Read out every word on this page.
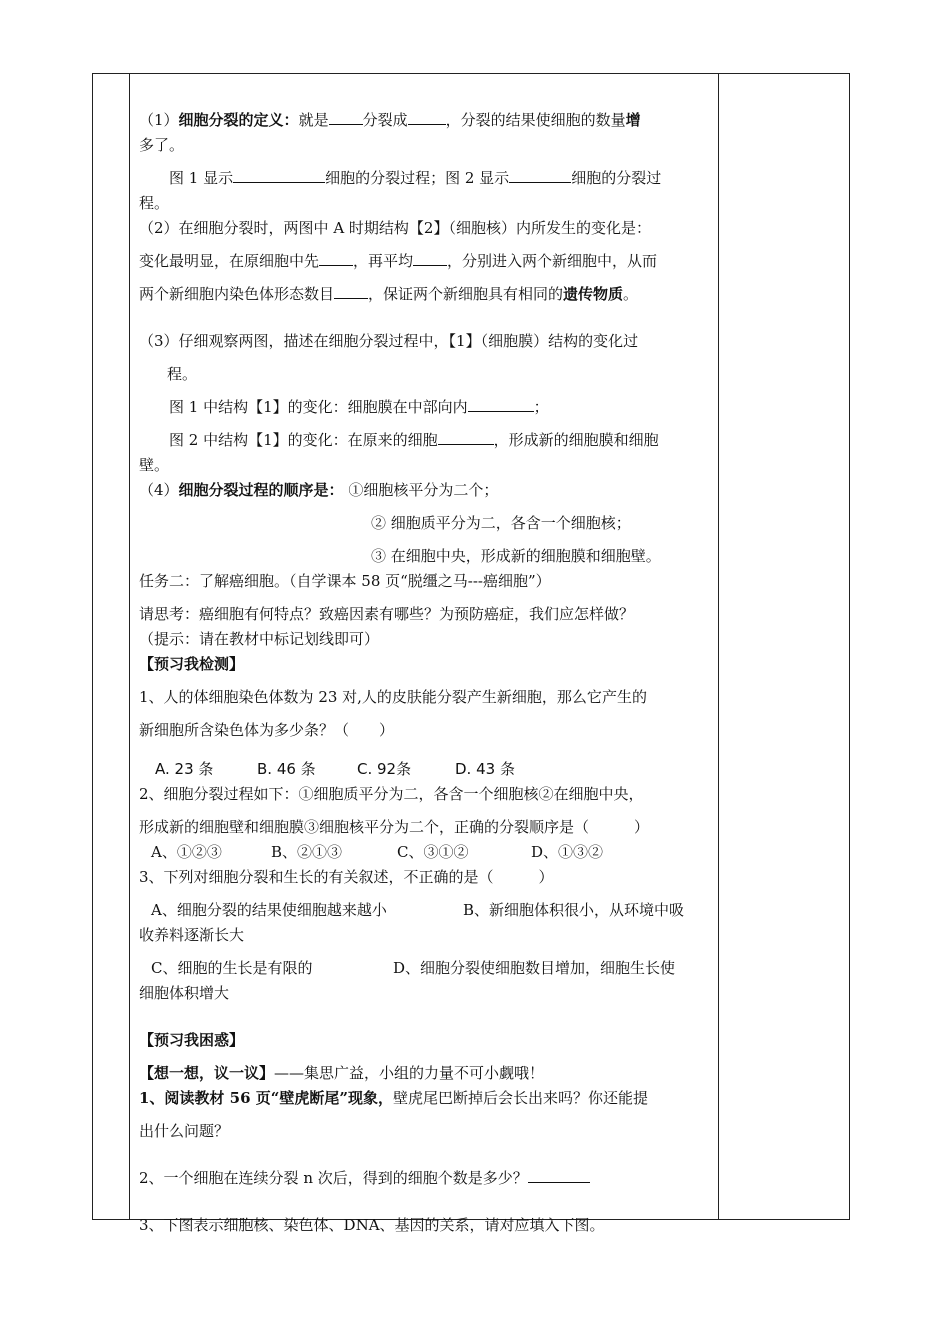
（1）细胞分裂的定义：就是 分裂成	，分裂的结果使细胞的数量增

多了。

图 1 显示	细胞的分裂过程；图 2 显示	细胞的分裂过

程。

（2）在细胞分裂时，两图中 A 时期结构【2】（细胞核）内所发生的变化是：

变化最明显，在原细胞中先 ，再平均 ，分别进入两个新细胞中，从而

两个新细胞内染色体形态数目 ，保证两个新细胞具有相同的遗传物质。

（3）仔细观察两图，描述在细胞分裂过程中，【1】（细胞膜）结构的变化过

程。

图 1 中结构【1】的变化：细胞膜在中部向内	；

图 2 中结构【1】的变化：在原来的细胞	，形成新的细胞膜和细胞

壁。

（4）细胞分裂过程的顺序是： ①细胞核平分为二个；

② 细胞质平分为二，各含一个细胞核；

③ 在细胞中央，形成新的细胞膜和细胞壁。

任务二：了解癌细胞。（自学课本 58 页“脱缰之马---癌细胞”）

请思考：癌细胞有何特点？致癌因素有哪些？为预防癌症，我们应怎样做？

（提示：请在教材中标记划线即可）

【预习我检测】

1、人的体细胞染色体数为 23 对,人的皮肤能分裂产生新细胞，那么它产生的

新细胞所含染色体为多少条？（　　）

A. 23 条	B. 46 条	C. 92条	D. 43 条

2、细胞分裂过程如下：①细胞质平分为二，各含一个细胞核②在细胞中央，

形成新的细胞壁和细胞膜③细胞核平分为二个，正确的分裂顺序是（　　　）

A、①②③	B、②①③	C、③①②	D、①③②

3、下列对细胞分裂和生长的有关叙述，不正确的是（　　　）

A、细胞分裂的结果使细胞越来越小	B、新细胞体积很小，从环境中吸

收养料逐渐长大

C、细胞的生长是有限的	D、细胞分裂使细胞数目增加，细胞生长使

细胞体积增大

【预习我困惑】

【想一想，议一议】——集思广益，小组的力量不可小觑哦！

1、阅读教材 56 页“壁虎断尾”现象，壁虎尾巴断掉后会长出来吗？你还能提

出什么问题？

2、一个细胞在连续分裂 n 次后，得到的细胞个数是多少？

3、下图表示细胞核、染色体、DNA、基因的关系，请对应填入下图。
